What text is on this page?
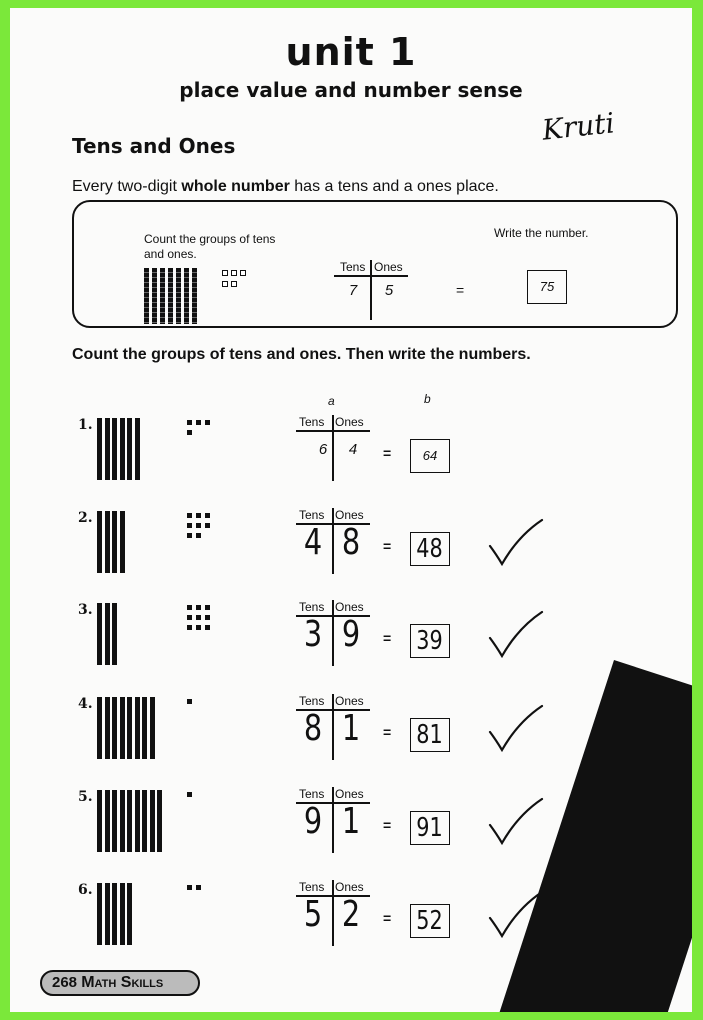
unit 1
place value and number sense
Kruti
Tens and Ones
Every two-digit whole number has a tens and a ones place.
Count the groups of tens and ones.
Write the number.
Tens Ones
7	5	=	75
Count the groups of tens and ones. Then write the numbers.
a	b
1.	Tens Ones
6	4	=	64
2.	Tens Ones
4 8 = 48
3.	Tens Ones
3 9 = 39
4.	Tens Ones
8 1 = 81
5.	Tens Ones
9 1 = 91
6.	Tens Ones
5 2 = 52
268 Math Skills
